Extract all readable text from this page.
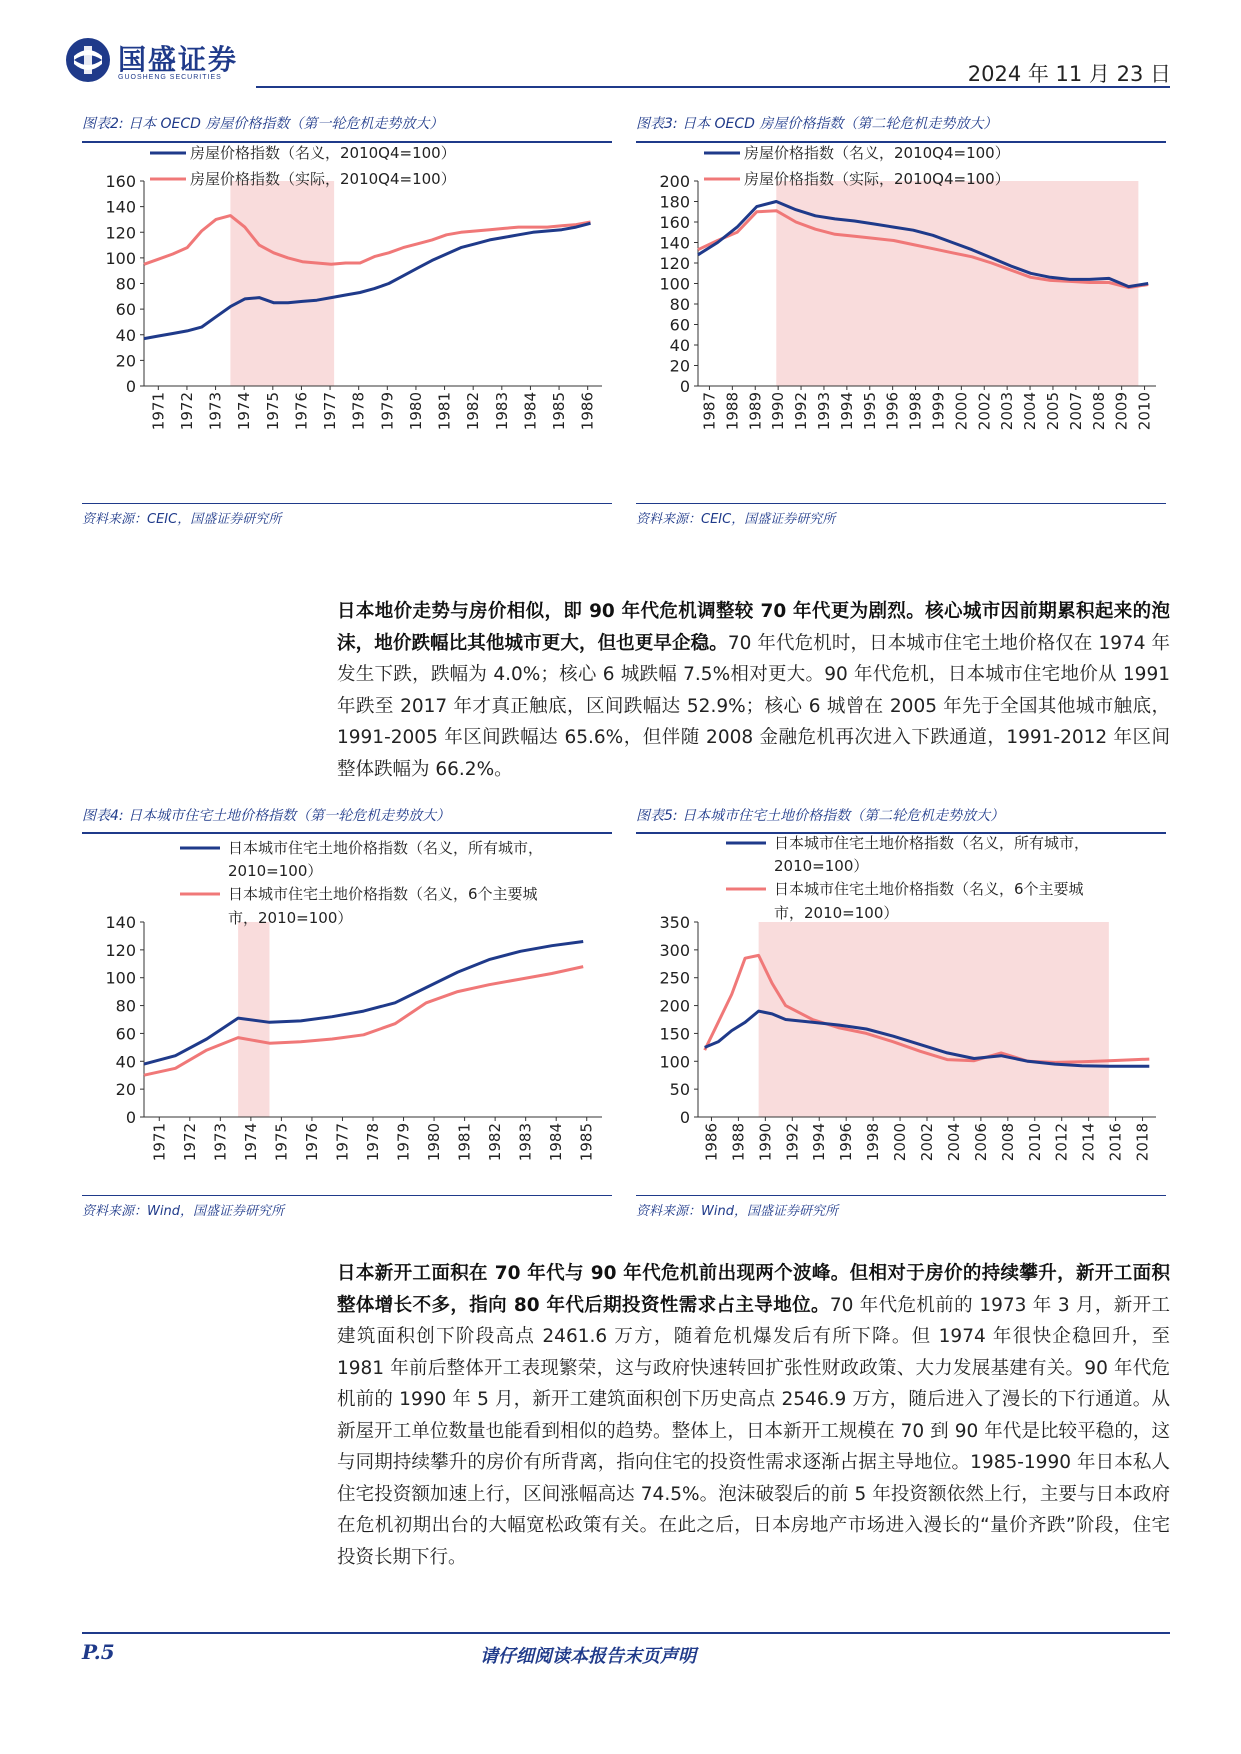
国盛证券
GUOSHENG SECURITIES	2024 年 11 月 23 日
图表2: 日本 OECD 房屋价格指数（第一轮危机走势放大）	图表3: 日本 OECD 房屋价格指数（第二轮危机走势放大）
0
20
40
60
80
100
120
140
160
1971 1972 1973 1974 1975 1976 1977 1978 1979 1980 1981 1982 1983 1984 1985 1986
房屋价格指数（名义，2010Q4=100）
房屋价格指数（实际，2010Q4=100）
0
20
40
60
80
100
120
140
160
180
200
1987 1988 1989 1990 1992 1993 1994 1995 1996 1998 1999 2000 2002 2003 2004 2005 2007 2008 2009 2010
房屋价格指数（名义，2010Q4=100）
房屋价格指数（实际，2010Q4=100）
资料来源：CEIC，国盛证券研究所	资料来源：CEIC，国盛证券研究所
日本地价走势与房价相似，即 90 年代危机调整较 70 年代更为剧烈。核心城市因前期累积起来的泡沫，地价跌幅比其他城市更大，但也更早企稳。70 年代危机时，日本城市住宅土地价格仅在 1974 年发生下跌，跌幅为 4.0%；核心 6 城跌幅 7.5%相对更大。90 年代危机，日本城市住宅地价从 1991 年跌至 2017 年才真正触底，区间跌幅达 52.9%；核心 6 城曾在 2005 年先于全国其他城市触底，1991-2005 年区间跌幅达 65.6%，但伴随 2008 金融危机再次进入下跌通道，1991-2012 年区间整体跌幅为 66.2%。
图表4: 日本城市住宅土地价格指数（第一轮危机走势放大）	图表5: 日本城市住宅土地价格指数（第二轮危机走势放大）
0
20
40
60
80
100
120
140
1971 1972 1973 1974 1975 1976 1977 1978 1979 1980 1981 1982 1983 1984 1985
0
50
100
150
200
250
300
350
1986 1988 1990 1992 1994 1996 1998 2000 2002 2004 2006 2008 2010 2012 2014 2016 2018
资料来源：Wind，国盛证券研究所	资料来源：Wind，国盛证券研究所
日本新开工面积在 70 年代与 90 年代危机前出现两个波峰。但相对于房价的持续攀升，新开工面积整体增长不多，指向 80 年代后期投资性需求占主导地位。70 年代危机前的 1973 年 3 月，新开工建筑面积创下阶段高点 2461.6 万方，随着危机爆发后有所下降。但 1974 年很快企稳回升，至 1981 年前后整体开工表现繁荣，这与政府快速转回扩张性财政政策、大力发展基建有关。90 年代危机前的 1990 年 5 月，新开工建筑面积创下历史高点 2546.9 万方，随后进入了漫长的下行通道。从新屋开工单位数量也能看到相似的趋势。整体上，日本新开工规模在 70 到 90 年代是比较平稳的，这与同期持续攀升的房价有所背离，指向住宅的投资性需求逐渐占据主导地位。1985-1990 年日本私人住宅投资额加速上行，区间涨幅高达 74.5%。泡沫破裂后的前 5 年投资额依然上行，主要与日本政府在危机初期出台的大幅宽松政策有关。在此之后，日本房地产市场进入漫长的“量价齐跌”阶段，住宅投资长期下行。
P.5	请仔细阅读本报告末页声明
日本城市住宅土地价格指数（名义，所有城市，
2010=100）
日本城市住宅土地价格指数（名义，6个主要城
市，2010=100）
日本城市住宅土地价格指数（名义，所有城市，
2010=100）
日本城市住宅土地价格指数（名义，6个主要城
市，2010=100）
